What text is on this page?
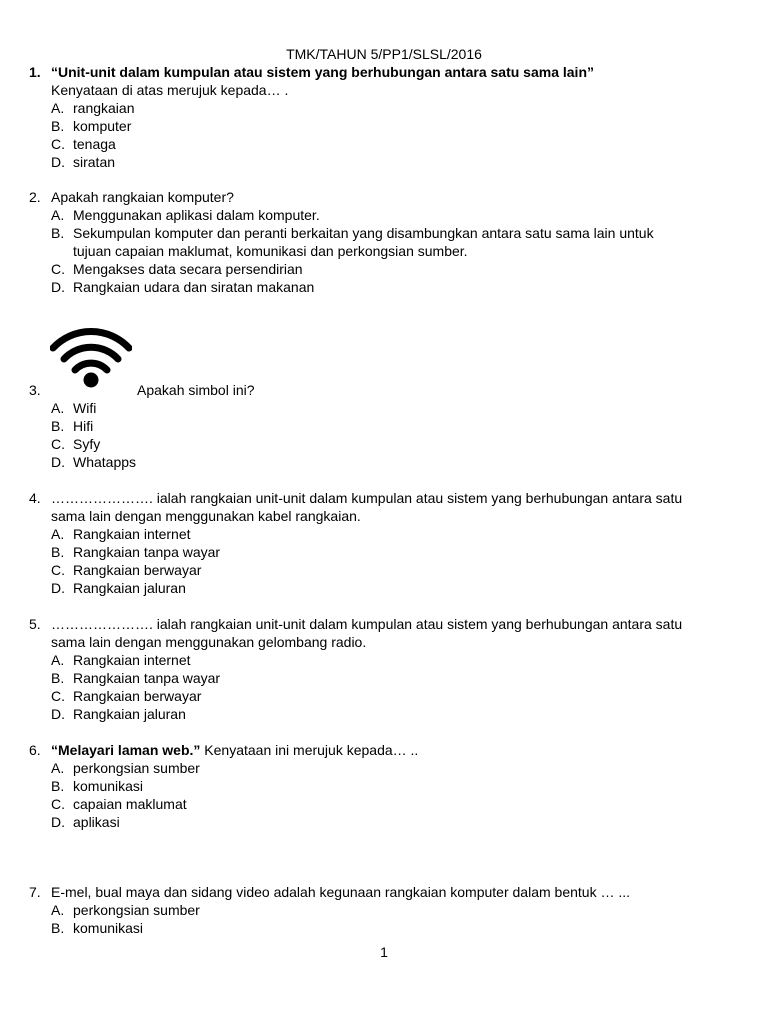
TMK/TAHUN 5/PP1/SLSL/2016
1. “Unit-unit dalam kumpulan atau sistem yang berhubungan antara satu sama lain”
Kenyataan di atas merujuk kepada… .
A. rangkaian
B. komputer
C. tenaga
D. siratan
2. Apakah rangkaian komputer?
A. Menggunakan aplikasi dalam komputer.
B. Sekumpulan komputer dan peranti berkaitan yang disambungkan antara satu sama lain untuk
tujuan capaian maklumat, komunikasi dan perkongsian sumber.
C. Mengakses data secara persendirian
D. Rangkaian udara dan siratan makanan
3.
A. Wifi
B. Hifi
C. Syfy
D. Whatapps
Apakah simbol ini?
4. …………………. ialah rangkaian unit-unit dalam kumpulan atau sistem yang berhubungan antara satu
sama lain dengan menggunakan kabel rangkaian.
A. Rangkaian internet
B. Rangkaian tanpa wayar
C. Rangkaian berwayar
D. Rangkaian jaluran
5. …………………. ialah rangkaian unit-unit dalam kumpulan atau sistem yang berhubungan antara satu
sama lain dengan menggunakan gelombang radio.
A. Rangkaian internet
B. Rangkaian tanpa wayar
C. Rangkaian berwayar
D. Rangkaian jaluran
6. “Melayari laman web.” Kenyataan ini merujuk kepada… ..
A. perkongsian sumber
B. komunikasi
C. capaian maklumat
D. aplikasi
7. E-mel, bual maya dan sidang video adalah kegunaan rangkaian komputer dalam bentuk … ...
A. perkongsian sumber
B. komunikasi
1
